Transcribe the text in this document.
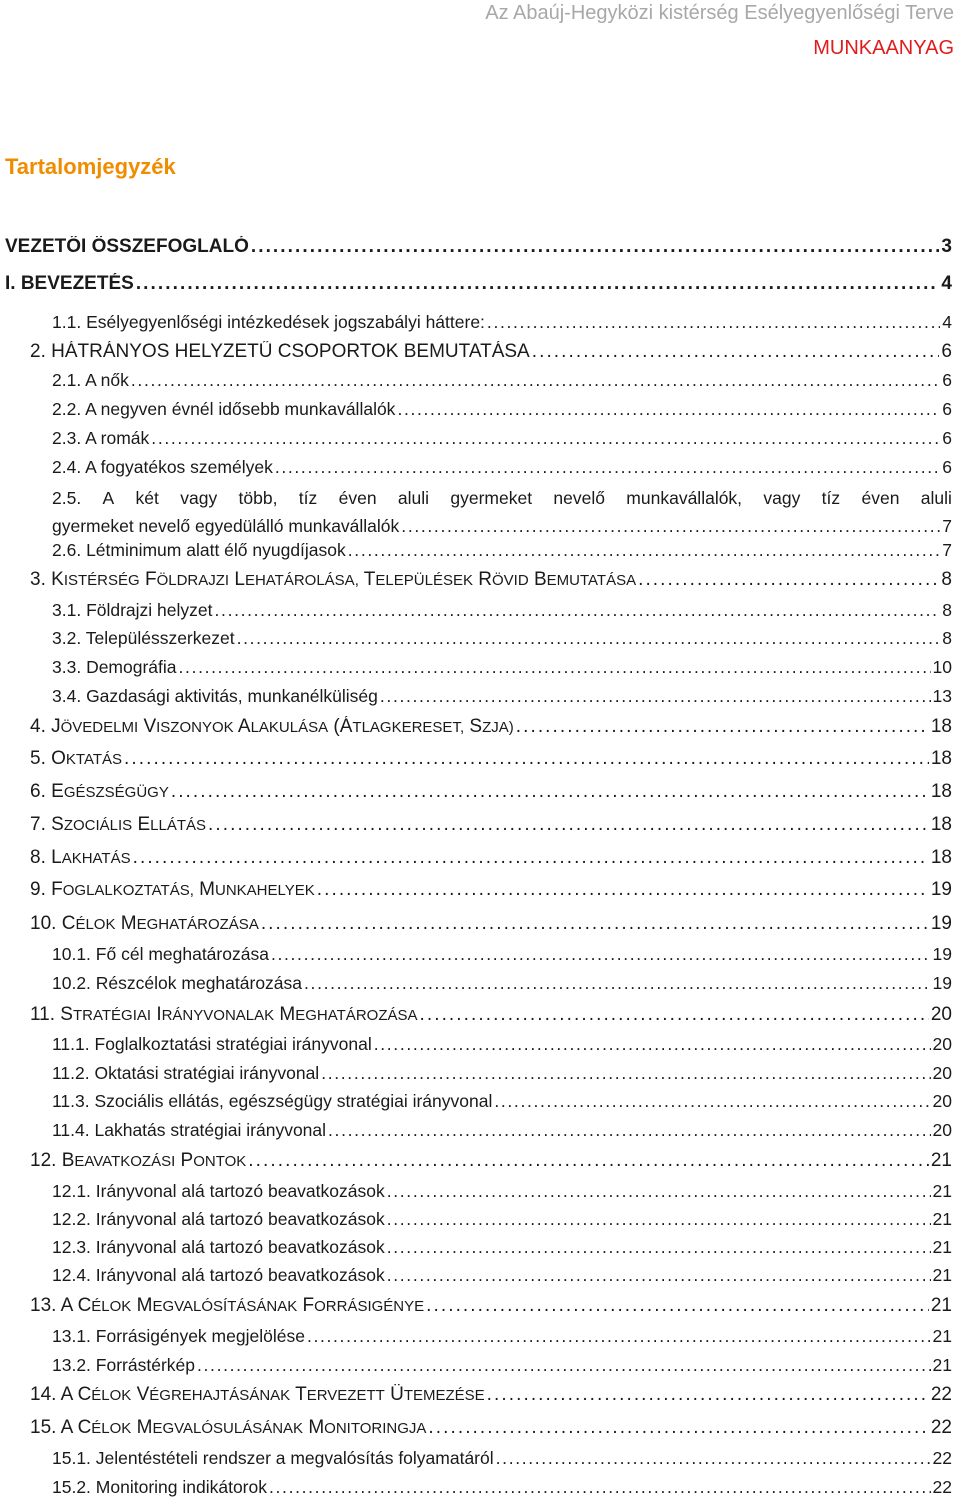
Az Abaúj-Hegyközi kistérség Esélyegyenlőségi Terve
MUNKAANYAG
Tartalomjegyzék
VEZETŐI ÖSSZEFOGLALÓ . . .	3
I. BEVEZETÉS . . .	4
1.1. Esélyegyenlőségi intézkedések jogszabályi háttere: . . .	4
2. HÁTRÁNYOS HELYZETŰ CSOPORTOK BEMUTATÁSA . . .	6
2.1. A nők . . .	6
2.2. A negyven évnél idősebb munkavállalók . . .	6
2.3. A romák . . .	6
2.4. A fogyatékos személyek . . .	6
2.5. A két vagy több, tíz éven aluli gyermeket nevelő munkavállalók, vagy tíz éven aluli
gyermeket nevelő egyedülálló munkavállalók . . .	7
2.6. Létminimum alatt élő nyugdíjasok . . .	7
3. KISTÉRSÉG FÖLDRAJZI LEHATÁROLÁSA, TELEPÜLÉSEK RÖVID BEMUTATÁSA . . .	8
3.1. Földrajzi helyzet . . .	8
3.2. Településszerkezet . . .	8
3.3. Demográfia . . .	10
3.4. Gazdasági aktivitás, munkanélküliség . . .	13
4. JÖVEDELMI VISZONYOK ALAKULÁSA (ÁTLAGKERESET, SZJA) . . .	18
5. OKTATÁS . . .	18
6. EGÉSZSÉGÜGY . . .	18
7. SZOCIÁLIS ELLÁTÁS . . .	18
8. LAKHATÁS . . .	18
9. FOGLALKOZTATÁS, MUNKAHELYEK . . .	19
10. CÉLOK MEGHATÁROZÁSA . . .	19
10.1. Fő cél meghatározása . . .	19
10.2. Részcélok meghatározása . . .	19
11. STRATÉGIAI IRÁNYVONALAK MEGHATÁROZÁSA . . .	20
11.1. Foglalkoztatási stratégiai irányvonal . . .	20
11.2. Oktatási stratégiai irányvonal . . .	20
11.3. Szociális ellátás, egészségügy stratégiai irányvonal . . .	20
11.4. Lakhatás stratégiai irányvonal . . .	20
12. BEAVATKOZÁSI PONTOK . . .	21
12.1. Irányvonal alá tartozó beavatkozások . . .	21
12.2. Irányvonal alá tartozó beavatkozások . . .	21
12.3. Irányvonal alá tartozó beavatkozások . . .	21
12.4. Irányvonal alá tartozó beavatkozások . . .	21
13. A CÉLOK MEGVALÓSÍTÁSÁNAK FORRÁSIGÉNYE . . .	21
13.1. Forrásigények megjelölése . . .	21
13.2. Forrástérkép . . .	21
14. A CÉLOK VÉGREHAJTÁSÁNAK TERVEZETT ÜTEMEZÉSE . . .	22
15. A CÉLOK MEGVALÓSULÁSÁNAK MONITORINGJA . . .	22
15.1. Jelentéstételi rendszer a megvalósítás folyamatáról . . .	22
15.2. Monitoring indikátorok . . .	22
